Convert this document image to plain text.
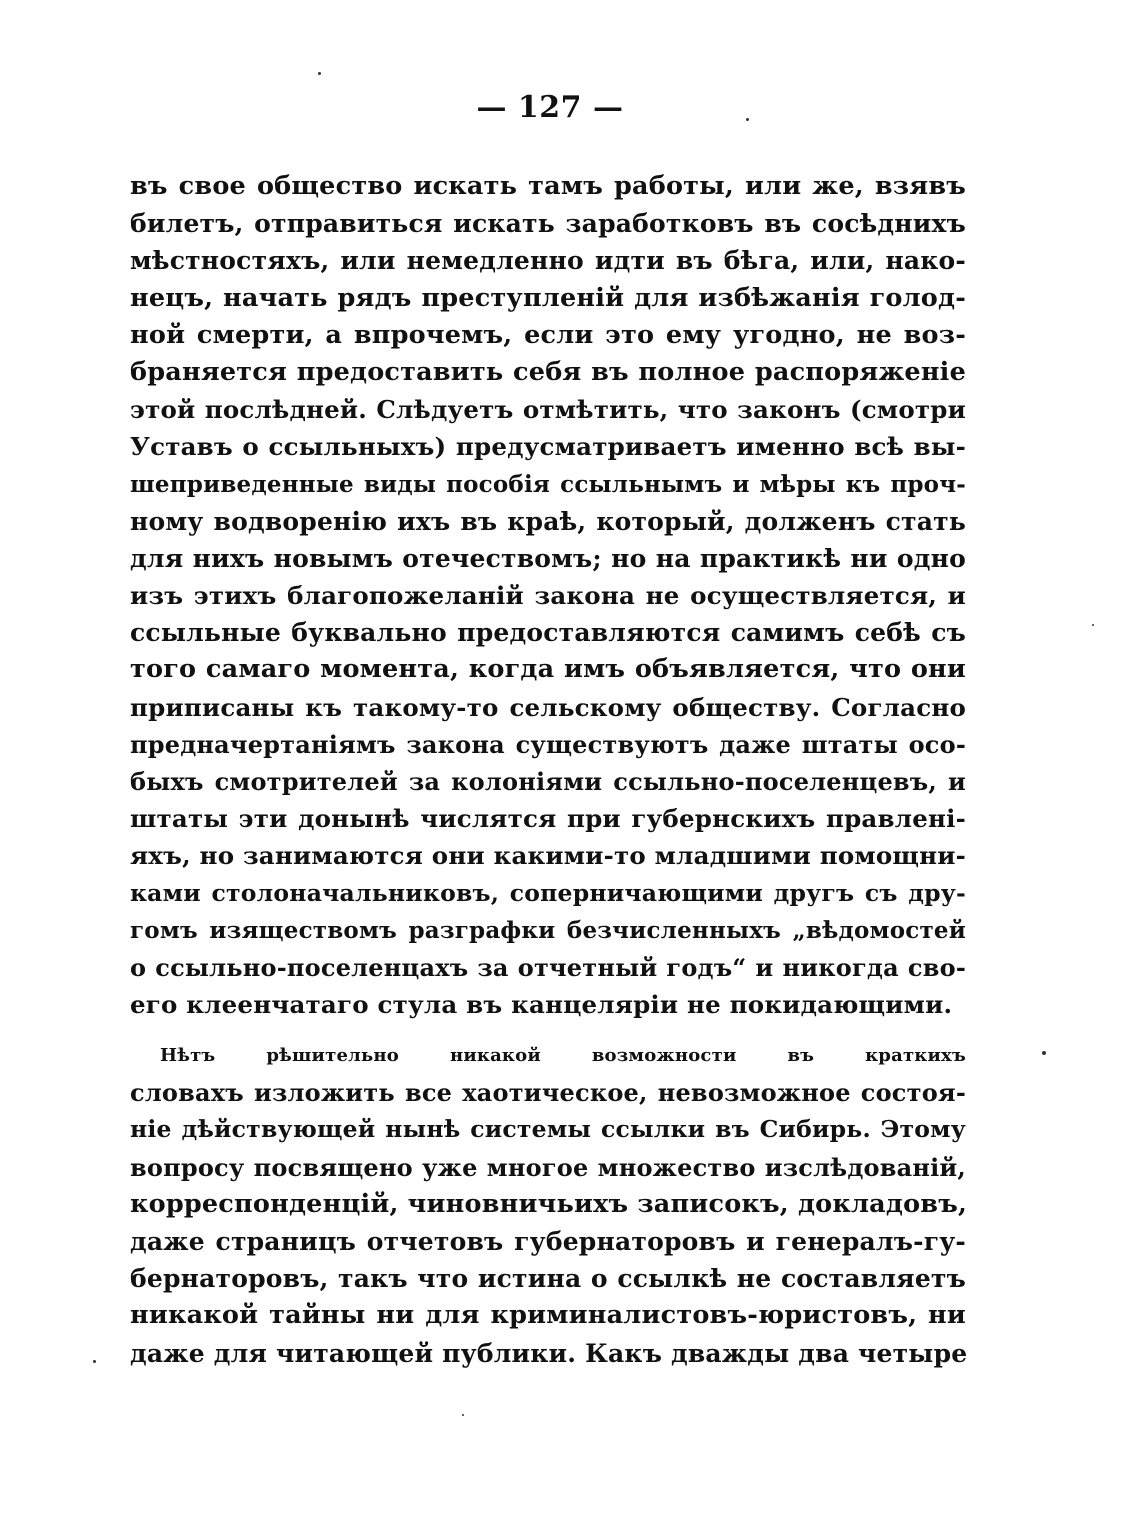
— 127 —
въ свое общество искать тамъ работы, или же, взявъ
билетъ, отправиться искать заработковъ въ сосѣднихъ
мѣстностяхъ, или немедленно идти въ бѣга, или, нако-
нецъ, начать рядъ преступленій для избѣжанія голод-
ной смерти, а впрочемъ, если это ему угодно, не воз-
браняется предоставить себя въ полное распоряженіе
этой послѣдней. Слѣдуетъ отмѣтить, что законъ (смотри
Уставъ о ссыльныхъ) предусматриваетъ именно всѣ вы-
шеприведенные виды пособія ссыльнымъ и мѣры къ проч-
ному водворенію ихъ въ краѣ, который, долженъ стать
для нихъ новымъ отечествомъ; но на практикѣ ни одно
изъ этихъ благопожеланій закона не осуществляется, и
ссыльные буквально предоставляются самимъ себѣ съ
того самаго момента, когда имъ объявляется, что они
приписаны къ такому-то сельскому обществу. Согласно
предначертаніямъ закона существуютъ даже штаты осо-
быхъ смотрителей за колоніями ссыльно-поселенцевъ, и
штаты эти донынѣ числятся при губернскихъ правлені-
яхъ, но занимаются они какими-то младшими помощни-
ками столоначальниковъ, соперничающими другъ съ дру-
гомъ изяществомъ разграфки безчисленныхъ „вѣдомостей
о ссыльно-поселенцахъ за отчетный годъ“ и никогда сво-
его клеенчатаго стула въ канцеляріи не покидающими.
Нѣтъ рѣшительно никакой возможности въ краткихъ
словахъ изложить все хаотическое, невозможное состоя-
ніе дѣйствующей нынѣ системы ссылки въ Сибирь. Этому
вопросу посвящено уже многое множество изслѣдованій,
корреспонденцій, чиновничьихъ записокъ, докладовъ,
даже страницъ отчетовъ губернаторовъ и генералъ-гу-
бернаторовъ, такъ что истина о ссылкѣ не составляетъ
никакой тайны ни для криминалистовъ-юристовъ, ни
даже для читающей публики. Какъ дважды два четыре
